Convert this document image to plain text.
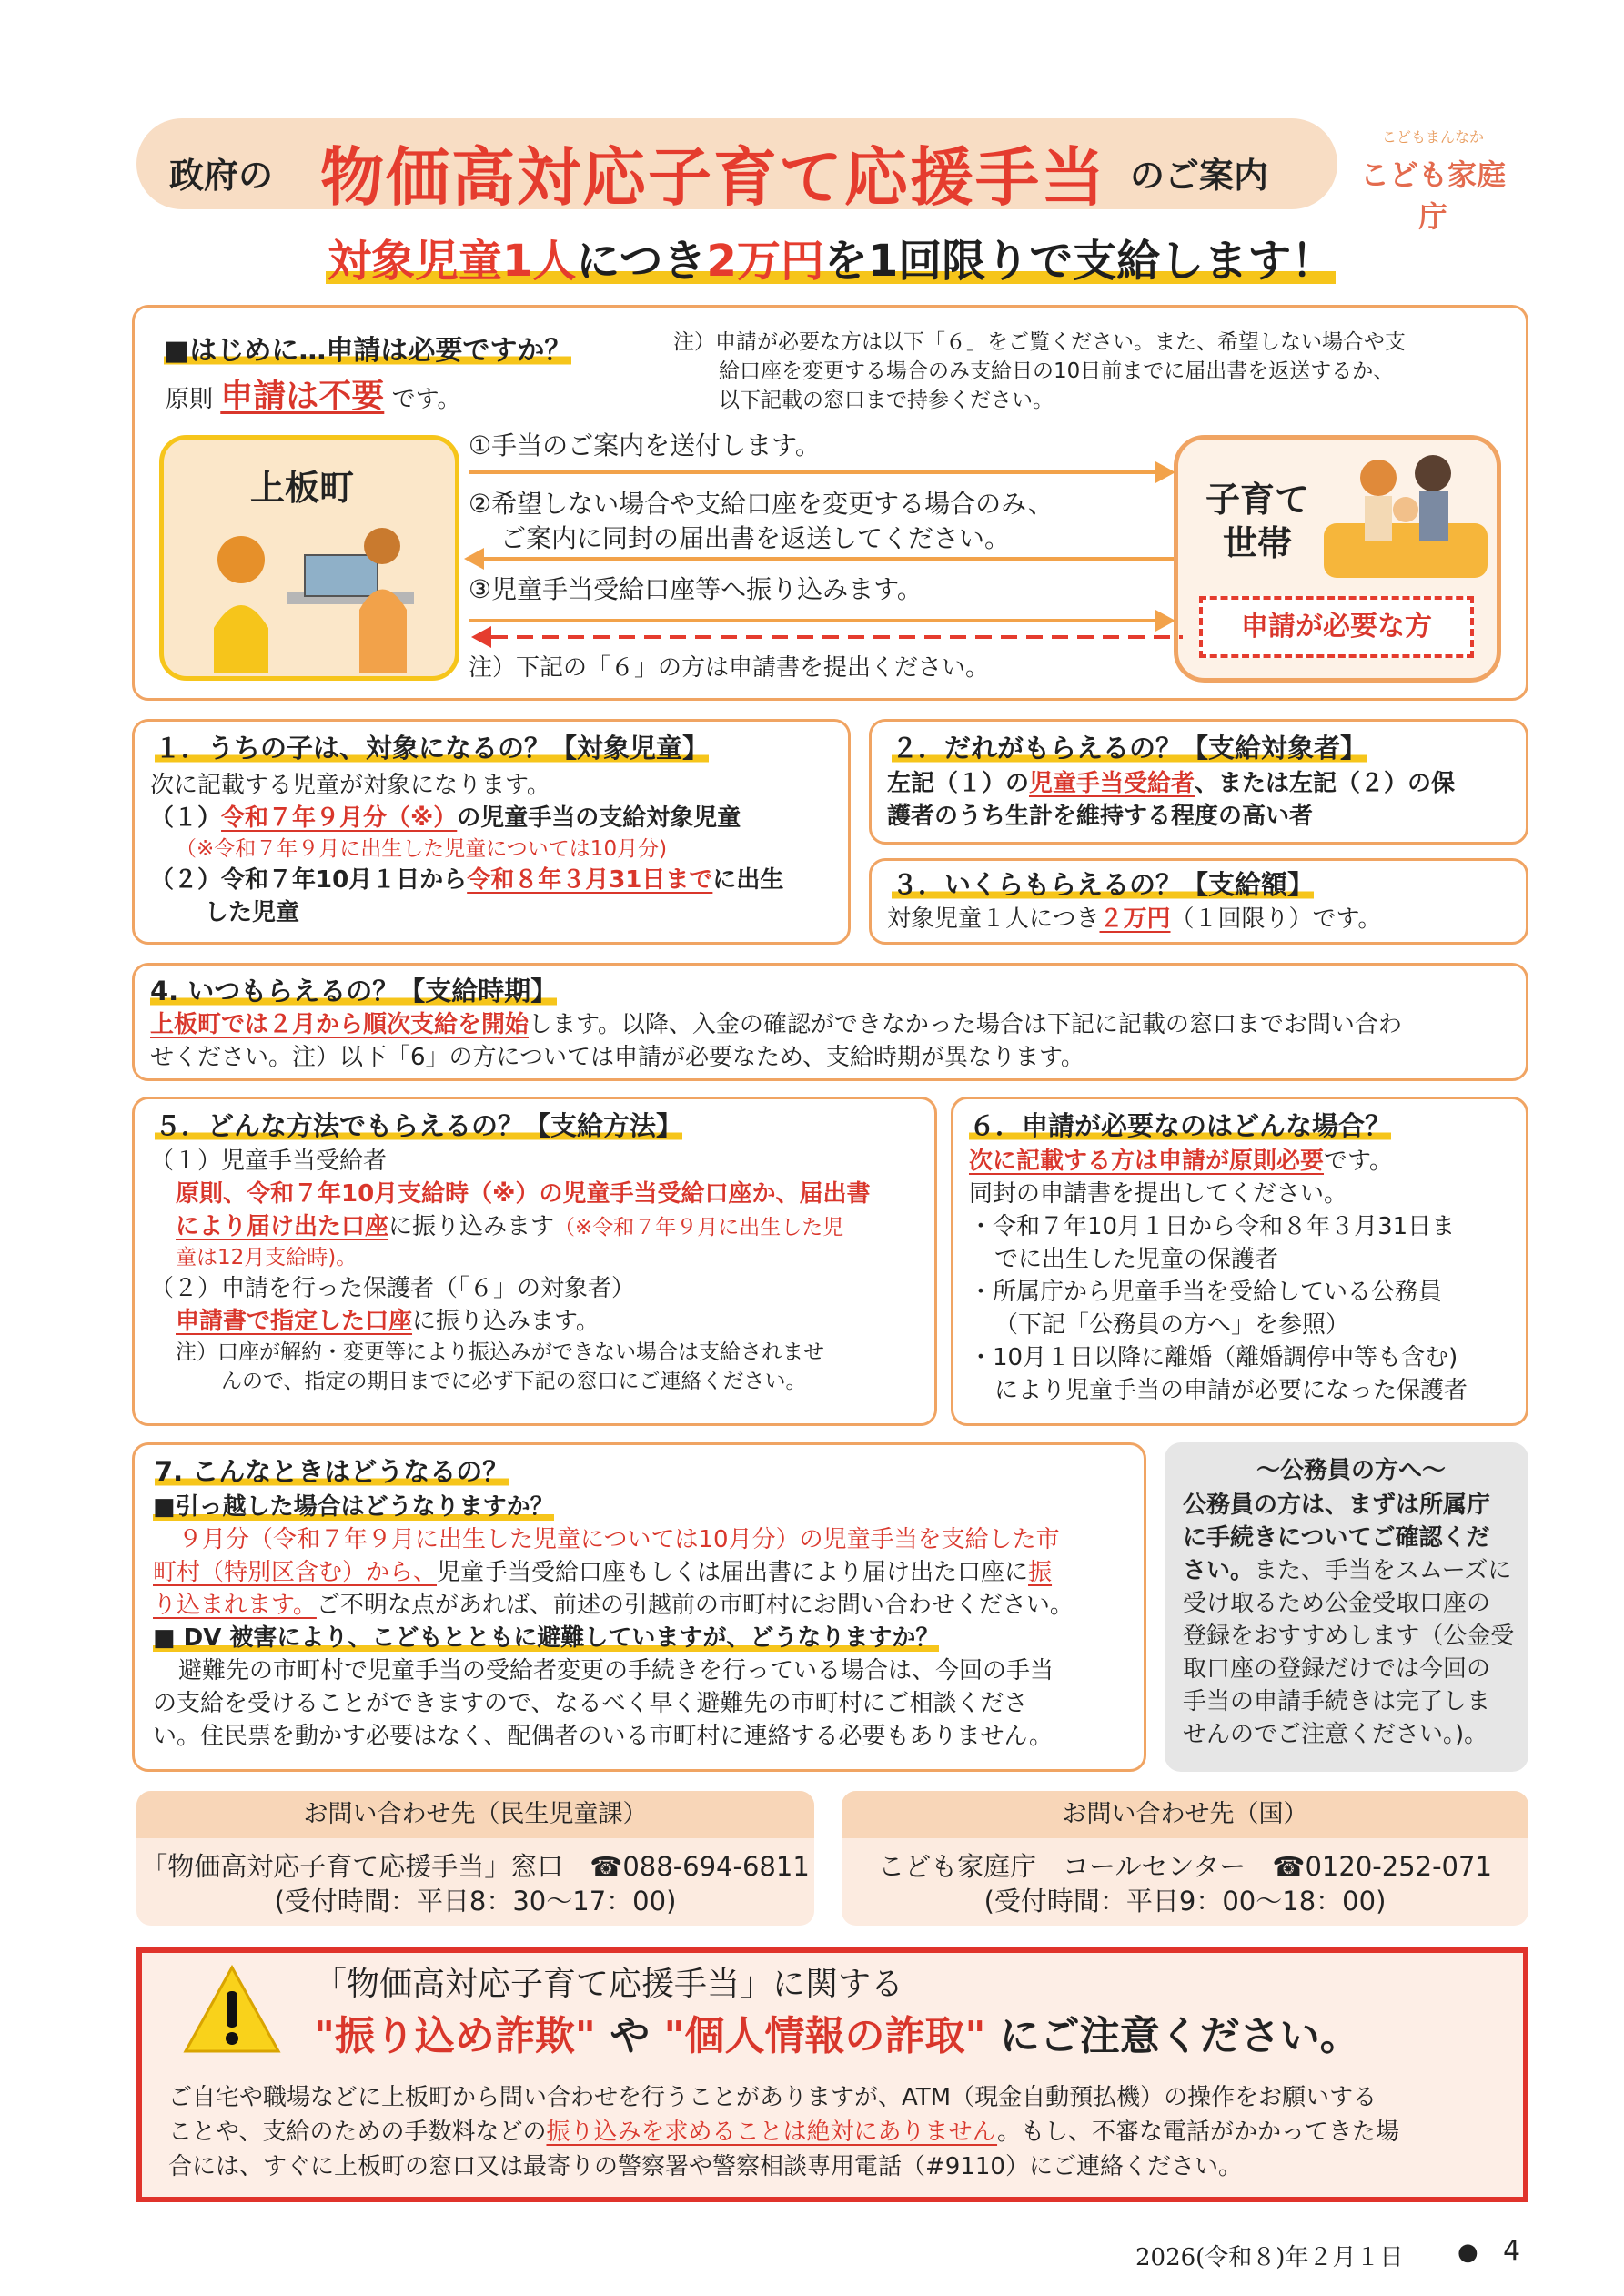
政府の 物価高対応子育て応援手当 のご案内
こどもまんなか
こども家庭庁
対象児童1人につき2万円を1回限りで支給します！
■はじめに…申請は必要ですか？
原則 申請は不要 です。
注）申請が必要な方は以下「６」をご覧ください。また、希望しない場合や支
給口座を変更する場合のみ支給日の10日前までに届出書を返送するか、
以下記載の窓口まで持参ください。
上板町	子育て
世帯
申請が必要な方
①手当のご案内を送付します。
②希望しない場合や支給口座を変更する場合のみ、
ご案内に同封の届出書を返送してください。
③児童手当受給口座等へ振り込みます。
注）下記の「６」の方は申請書を提出ください。
１．うちの子は、対象になるの？【対象児童】
次に記載する児童が対象になります。
（１）令和７年９月分（※）の児童手当の支給対象児童
（※令和７年９月に出生した児童については10月分)
（２）令和７年10月１日から令和８年３月31日までに出生
した児童
２．だれがもらえるの？【支給対象者】
左記（１）の児童手当受給者、または左記（２）の保
護者のうち生計を維持する程度の高い者
３．いくらもらえるの？【支給額】
対象児童１人につき２万円（１回限り）です。
4. いつもらえるの？【支給時期】
上板町では２月から順次支給を開始します。以降、入金の確認ができなかった場合は下記に記載の窓口までお問い合わ
せください。注）以下「6」の方については申請が必要なため、支給時期が異なります。
５．どんな方法でもらえるの？【支給方法】
（１）児童手当受給者
原則、令和７年10月支給時（※）の児童手当受給口座か、届出書
により届け出た口座に振り込みます（※令和７年９月に出生した児
童は12月支給時)。
（２）申請を行った保護者（「６」の対象者）
申請書で指定した口座に振り込みます。
注）口座が解約・変更等により振込みができない場合は支給されませ
んので、指定の期日までに必ず下記の窓口にご連絡ください。
６．申請が必要なのはどんな場合？
次に記載する方は申請が原則必要です。
同封の申請書を提出してください。
・令和７年10月１日から令和８年３月31日ま
でに出生した児童の保護者
・所属庁から児童手当を受給している公務員
（下記「公務員の方へ」を参照）
・10月１日以降に離婚（離婚調停中等も含む)
により児童手当の申請が必要になった保護者
7. こんなときはどうなるの？
■引っ越した場合はどうなりますか？
９月分（令和７年９月に出生した児童については10月分）の児童手当を支給した市
町村（特別区含む）から、児童手当受給口座もしくは届出書により届け出た口座に振
り込まれます。ご不明な点があれば、前述の引越前の市町村にお問い合わせください。
■ DV 被害により、こどもとともに避難していますが、どうなりますか？
避難先の市町村で児童手当の受給者変更の手続きを行っている場合は、今回の手当
の支給を受けることができますので、なるべく早く避難先の市町村にご相談くださ
い。住民票を動かす必要はなく、配偶者のいる市町村に連絡する必要もありません。
～公務員の方へ～
公務員の方は、まずは所属庁
に手続きについてご確認くだ
さい。また、手当をスムーズに
受け取るため公金受取口座の
登録をおすすめします（公金受
取口座の登録だけでは今回の
手当の申請手続きは完了しま
せんのでご注意ください。)。
お問い合わせ先（民生児童課）
「物価高対応子育て応援手当」窓口　☎088-694-6811
(受付時間：平日8：30～17：00)
お問い合わせ先（国）
こども家庭庁　コールセンター　☎0120-252-071
(受付時間：平日9：00～18：00)
「物価高対応子育て応援手当」に関する
"振り込め詐欺" や "個人情報の詐取" にご注意ください。
ご自宅や職場などに上板町から問い合わせを行うことがありますが、ATM（現金自動預払機）の操作をお願いする
ことや、支給のための手数料などの振り込みを求めることは絶対にありません。もし、不審な電話がかかってきた場
合には、すぐに上板町の窓口又は最寄りの警察署や警察相談専用電話（#9110）にご連絡ください。
2026(令和８)年２月１日 ● 4
